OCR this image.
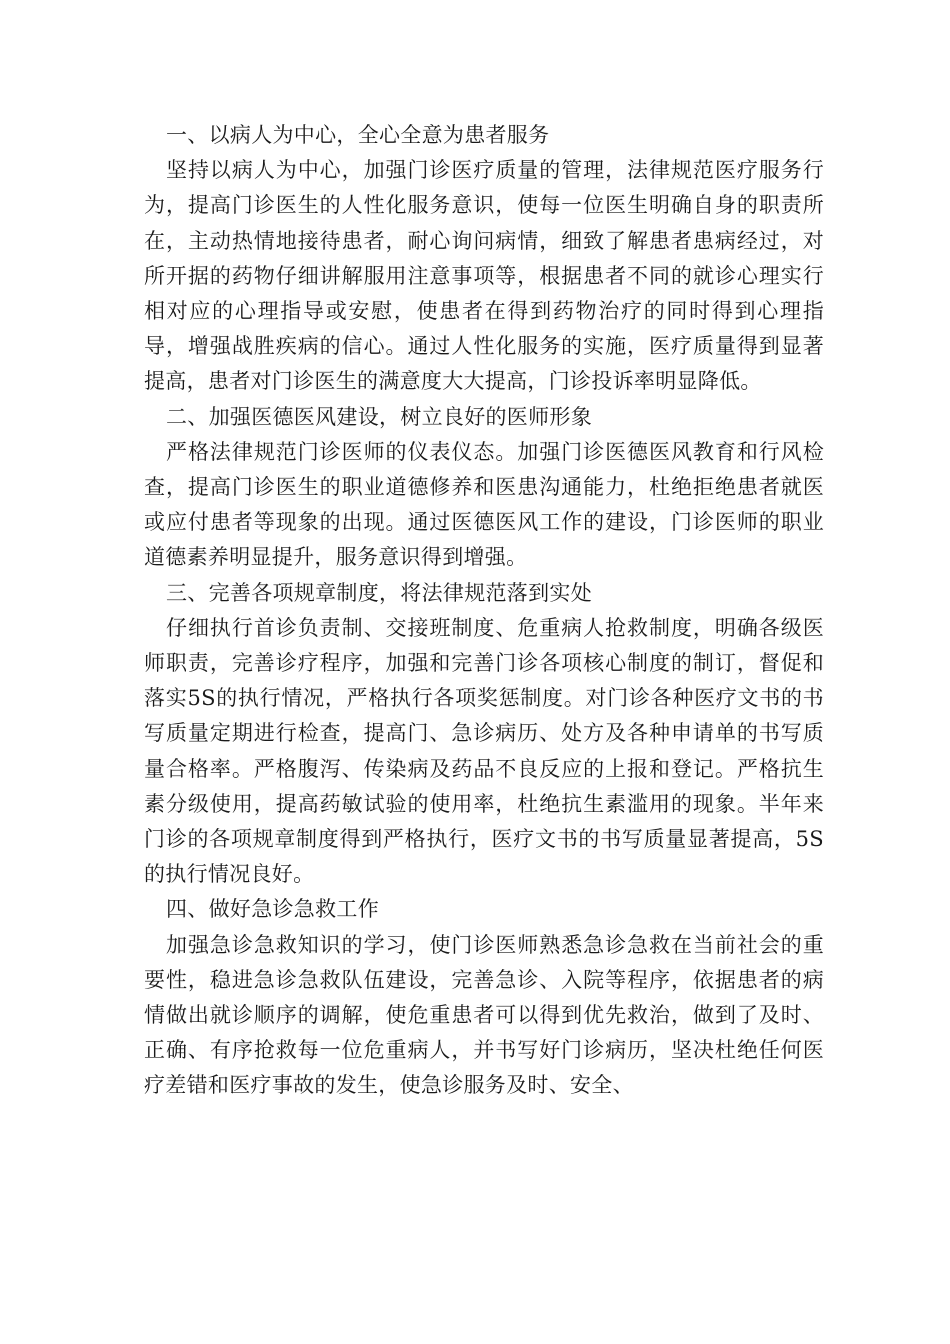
一、以病人为中心，全心全意为患者服务

坚持以病人为中心，加强门诊医疗质量的管理，法律规范医疗服务行为，提高门诊医生的人性化服务意识，使每一位医生明确自身的职责所在，主动热情地接待患者，耐心询问病情，细致了解患者患病经过，对所开据的药物仔细讲解服用注意事项等，根据患者不同的就诊心理实行相对应的心理指导或安慰，使患者在得到药物治疗的同时得到心理指导，增强战胜疾病的信心。通过人性化服务的实施，医疗质量得到显著提高，患者对门诊医生的满意度大大提高，门诊投诉率明显降低。

二、加强医德医风建设，树立良好的医师形象

严格法律规范门诊医师的仪表仪态。加强门诊医德医风教育和行风检查，提高门诊医生的职业道德修养和医患沟通能力，杜绝拒绝患者就医或应付患者等现象的出现。通过医德医风工作的建设，门诊医师的职业道德素养明显提升，服务意识得到增强。

三、完善各项规章制度，将法律规范落到实处

仔细执行首诊负责制、交接班制度、危重病人抢救制度，明确各级医师职责，完善诊疗程序，加强和完善门诊各项核心制度的制订，督促和落实5S的执行情况，严格执行各项奖惩制度。对门诊各种医疗文书的书写质量定期进行检查，提高门、急诊病历、处方及各种申请单的书写质量合格率。严格腹泻、传染病及药品不良反应的上报和登记。严格抗生素分级使用，提高药敏试验的使用率，杜绝抗生素滥用的现象。半年来门诊的各项规章制度得到严格执行，医疗文书的书写质量显著提高，5S的执行情况良好。

四、做好急诊急救工作

加强急诊急救知识的学习，使门诊医师熟悉急诊急救在当前社会的重要性，稳进急诊急救队伍建设，完善急诊、入院等程序，依据患者的病情做出就诊顺序的调解，使危重患者可以得到优先救治，做到了及时、正确、有序抢救每一位危重病人，并书写好门诊病历，坚决杜绝任何医疗差错和医疗事故的发生，使急诊服务及时、安全、
